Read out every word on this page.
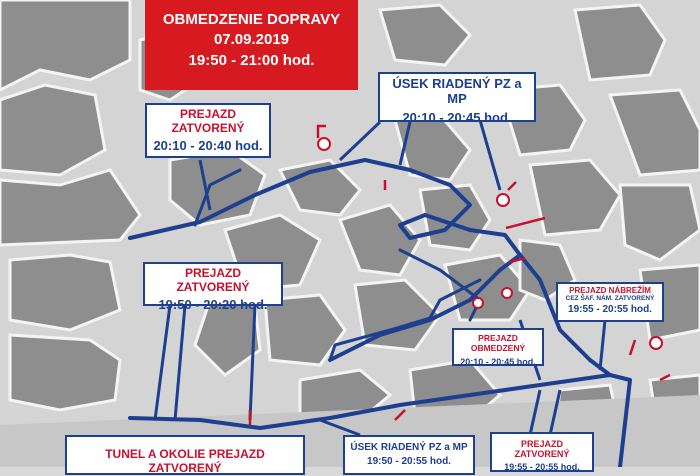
OBMEDZENIE DOPRAVY
07.09.2019
19:50 - 21:00 hod.
PREJAZD ZATVORENÝ
20:10 - 20:40 hod.
ÚSEK RIADENÝ PZ a MP
20:10 - 20:45 hod.
PREJAZD ZATVORENÝ
19:50 - 20:20 hod.
PREJAZD NÁBREŽÍM
CEZ ŠAF. NÁM. ZATVORENÝ
19:55 - 20:55 hod.
PREJAZD OBMEDZENÝ
20:10 - 20:45 hod.
TUNEL A OKOLIE PREJAZD ZATVORENÝ
ÚSEK RIADENÝ PZ a MP
19:50 - 20:55 hod.
PREJAZD ZATVORENÝ
19:55 - 20:55 hod.
